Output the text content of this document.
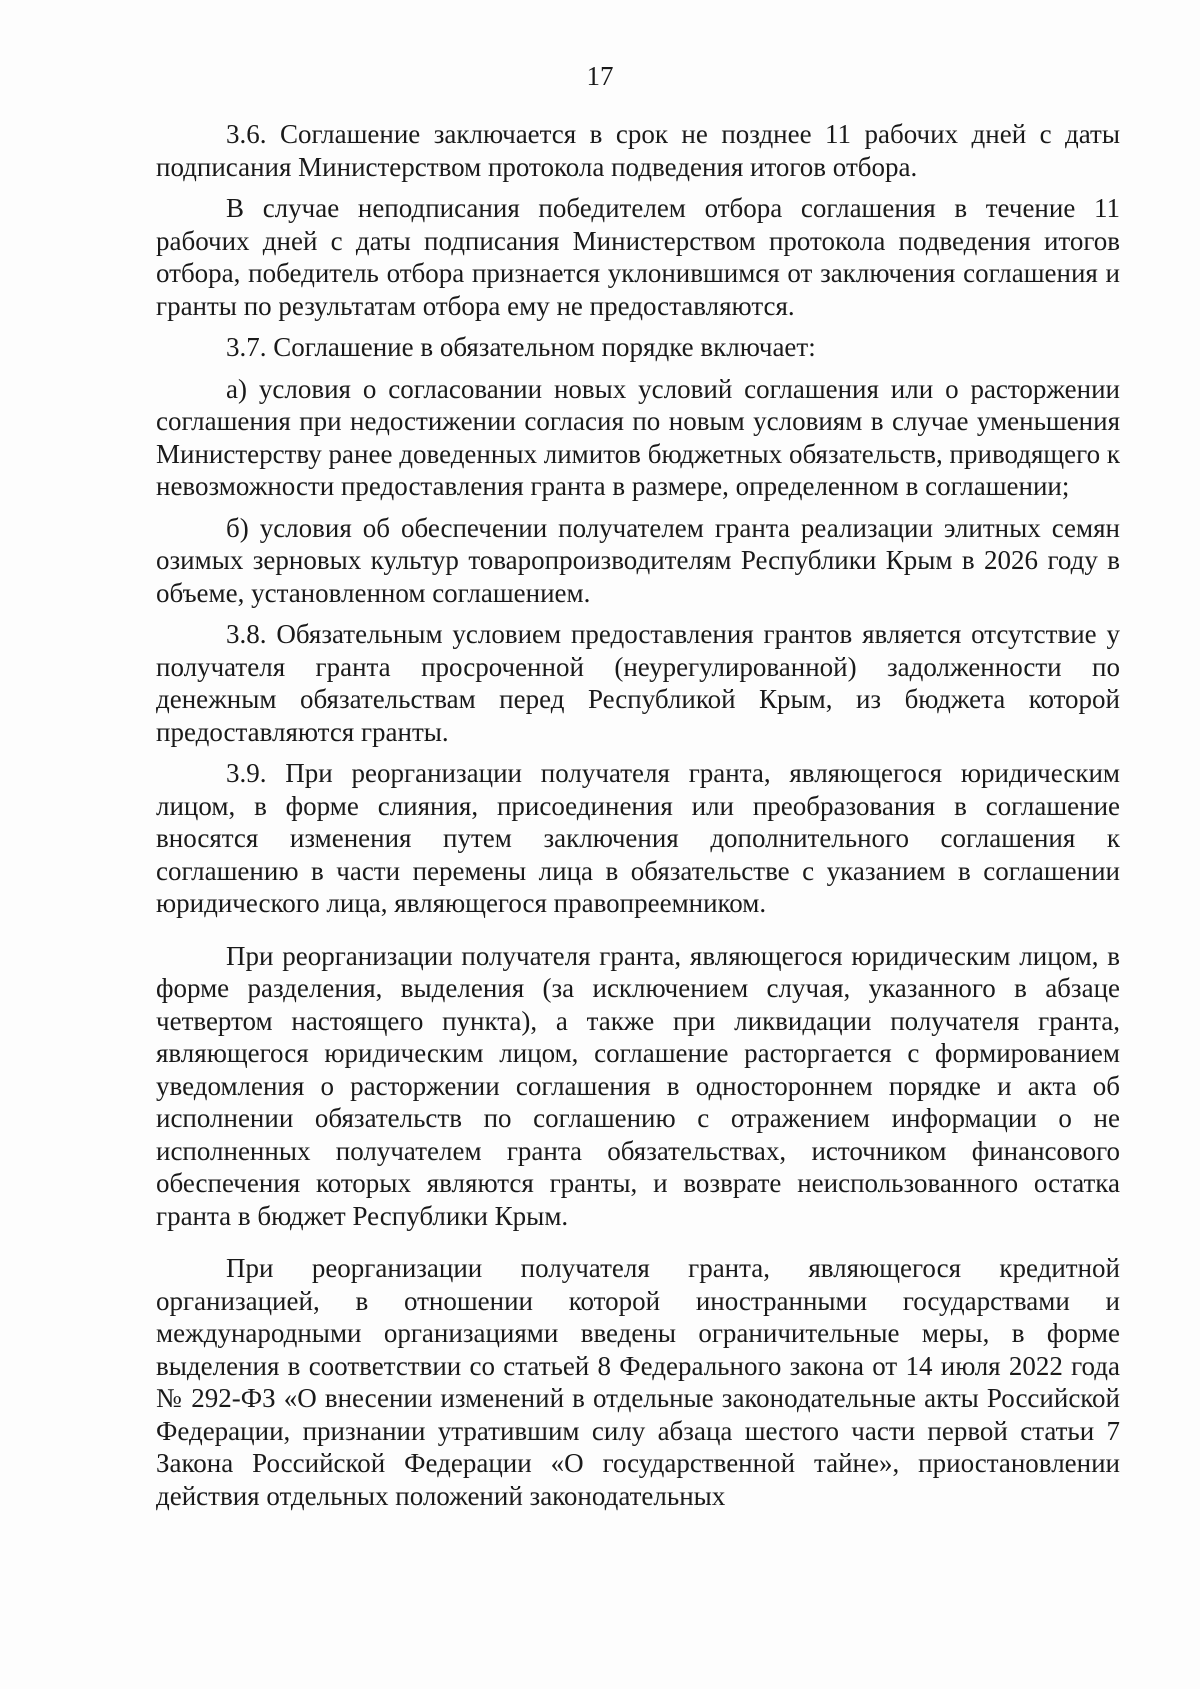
17

3.6. Соглашение заключается в срок не позднее 11 рабочих дней с даты подписания Министерством протокола подведения итогов отбора.

В случае неподписания победителем отбора соглашения в течение 11 рабочих дней с даты подписания Министерством протокола подведения итогов отбора, победитель отбора признается уклонившимся от заключения соглашения и гранты по результатам отбора ему не предоставляются.

3.7. Соглашение в обязательном порядке включает:

а) условия о согласовании новых условий соглашения или о расторжении соглашения при недостижении согласия по новым условиям в случае уменьшения Министерству ранее доведенных лимитов бюджетных обязательств, приводящего к невозможности предоставления гранта в размере, определенном в соглашении;

б) условия об обеспечении получателем гранта реализации элитных семян озимых зерновых культур товаропроизводителям Республики Крым в 2026 году в объеме, установленном соглашением.

3.8. Обязательным условием предоставления грантов является отсутствие у получателя гранта просроченной (неурегулированной) задолженности по денежным обязательствам перед Республикой Крым, из бюджета которой предоставляются гранты.

3.9. При реорганизации получателя гранта, являющегося юридическим лицом, в форме слияния, присоединения или преобразования в соглашение вносятся изменения путем заключения дополнительного соглашения к соглашению в части перемены лица в обязательстве с указанием в соглашении юридического лица, являющегося правопреемником.

При реорганизации получателя гранта, являющегося юридическим лицом, в форме разделения, выделения (за исключением случая, указанного в абзаце четвертом настоящего пункта), а также при ликвидации получателя гранта, являющегося юридическим лицом, соглашение расторгается с формированием уведомления о расторжении соглашения в одностороннем порядке и акта об исполнении обязательств по соглашению с отражением информации о не исполненных получателем гранта обязательствах, источником финансового обеспечения которых являются гранты, и возврате неиспользованного остатка гранта в бюджет Республики Крым.

При реорганизации получателя гранта, являющегося кредитной организацией, в отношении которой иностранными государствами и международными организациями введены ограничительные меры, в форме выделения в соответствии со статьей 8 Федерального закона от 14 июля 2022 года № 292-ФЗ «О внесении изменений в отдельные законодательные акты Российской Федерации, признании утратившим силу абзаца шестого части первой статьи 7 Закона Российской Федерации «О государственной тайне», приостановлении действия отдельных положений законодательных
